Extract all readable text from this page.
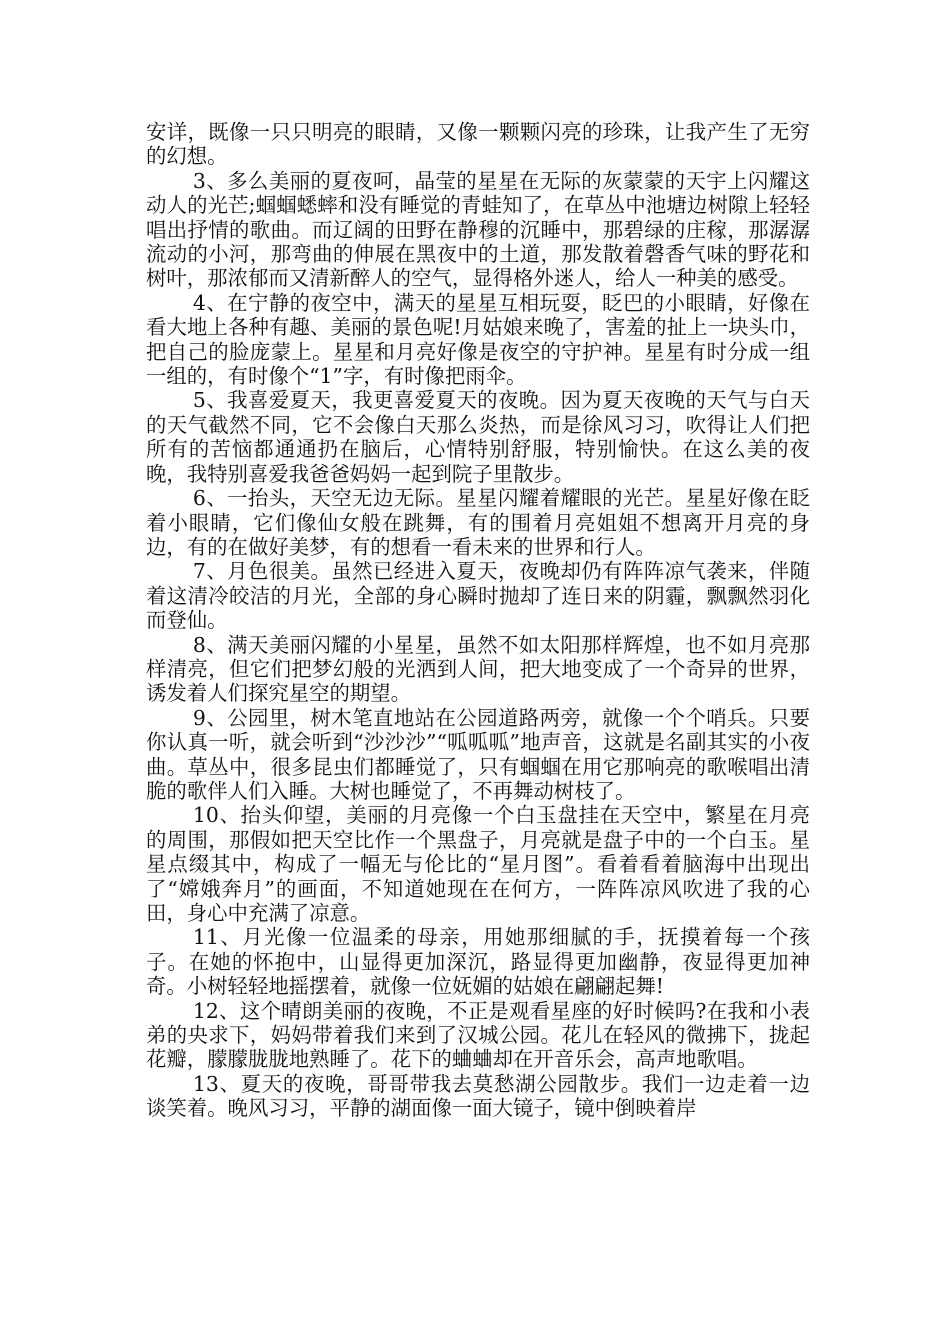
安详，既像一只只明亮的眼睛，又像一颗颗闪亮的珍珠，让我产生了无穷的幻想。

3、多么美丽的夏夜呵，晶莹的星星在无际的灰蒙蒙的天宇上闪耀这动人的光芒;蝈蝈蟋蟀和没有睡觉的青蛙知了，在草丛中池塘边树隙上轻轻唱出抒情的歌曲。而辽阔的田野在静穆的沉睡中，那碧绿的庄稼，那潺潺流动的小河，那弯曲的伸展在黑夜中的土道，那发散着磬香气味的野花和树叶，那浓郁而又清新醉人的空气，显得格外迷人，给人一种美的感受。

4、在宁静的夜空中，满天的星星互相玩耍，眨巴的小眼睛，好像在看大地上各种有趣、美丽的景色呢!月姑娘来晚了，害羞的扯上一块头巾，把自己的脸庞蒙上。星星和月亮好像是夜空的守护神。星星有时分成一组一组的，有时像个“1”字，有时像把雨伞。

5、我喜爱夏天，我更喜爱夏天的夜晚。因为夏天夜晚的天气与白天的天气截然不同，它不会像白天那么炎热，而是徐风习习，吹得让人们把所有的苦恼都通通扔在脑后，心情特别舒服，特别愉快。在这么美的夜晚，我特别喜爱我爸爸妈妈一起到院子里散步。

6、一抬头，天空无边无际。星星闪耀着耀眼的光芒。星星好像在眨着小眼睛，它们像仙女般在跳舞，有的围着月亮姐姐不想离开月亮的身边，有的在做好美梦，有的想看一看未来的世界和行人。

7、月色很美。虽然已经进入夏天，夜晚却仍有阵阵凉气袭来，伴随着这清冷皎洁的月光，全部的身心瞬时抛却了连日来的阴霾，飘飘然羽化而登仙。

8、满天美丽闪耀的小星星，虽然不如太阳那样辉煌，也不如月亮那样清亮，但它们把梦幻般的光洒到人间，把大地变成了一个奇异的世界，诱发着人们探究星空的期望。

9、公园里，树木笔直地站在公园道路两旁，就像一个个哨兵。只要你认真一听，就会听到“沙沙沙”“呱呱呱”地声音，这就是名副其实的小夜曲。草丛中，很多昆虫们都睡觉了，只有蝈蝈在用它那响亮的歌喉唱出清脆的歌伴人们入睡。大树也睡觉了，不再舞动树枝了。

10、抬头仰望，美丽的月亮像一个白玉盘挂在天空中，繁星在月亮的周围，那假如把天空比作一个黑盘子，月亮就是盘子中的一个白玉。星星点缀其中，构成了一幅无与伦比的“星月图”。看着看着脑海中出现出了“嫦娥奔月”的画面，不知道她现在在何方，一阵阵凉风吹进了我的心田，身心中充满了凉意。

11、月光像一位温柔的母亲，用她那细腻的手，抚摸着每一个孩子。在她的怀抱中，山显得更加深沉，路显得更加幽静，夜显得更加神奇。小树轻轻地摇摆着，就像一位妩媚的姑娘在翩翩起舞!

12、这个晴朗美丽的夜晚，不正是观看星座的好时候吗?在我和小表弟的央求下，妈妈带着我们来到了汉城公园。花儿在轻风的微拂下，拢起花瓣，朦朦胧胧地熟睡了。花下的蛐蛐却在开音乐会，高声地歌唱。

13、夏天的夜晚，哥哥带我去莫愁湖公园散步。我们一边走着一边谈笑着。晚风习习，平静的湖面像一面大镜子，镜中倒映着岸
